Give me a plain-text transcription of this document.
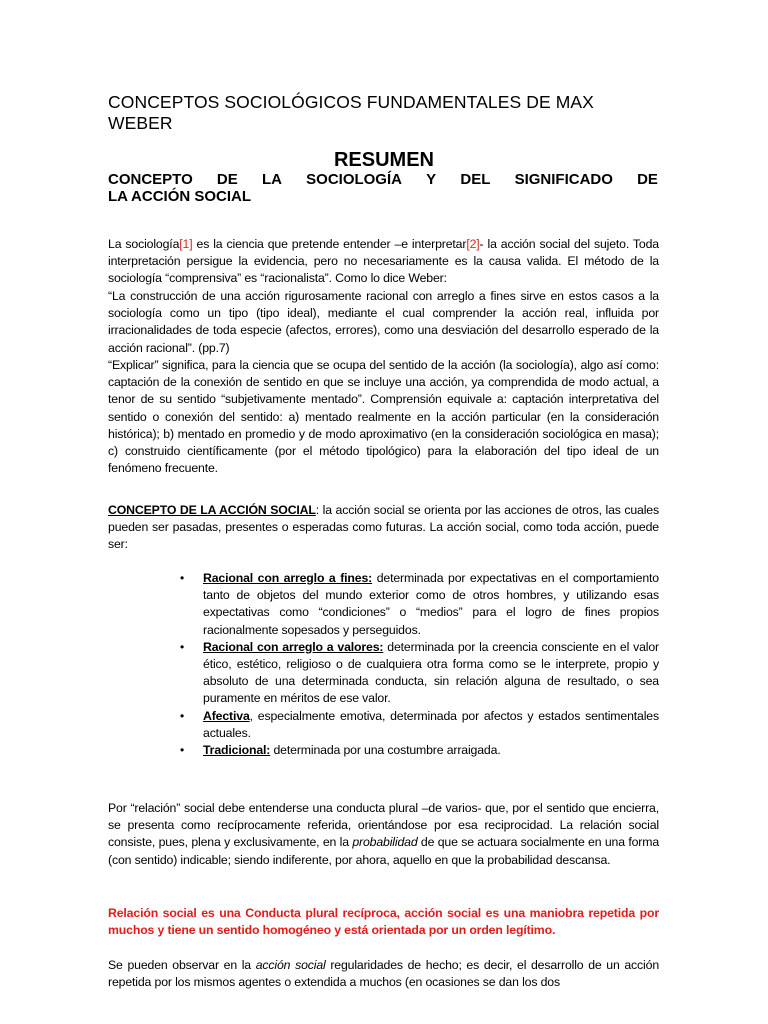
CONCEPTOS SOCIOLÓGICOS FUNDAMENTALES DE MAX WEBER
RESUMEN
CONCEPTO DE LA SOCIOLOGÍA Y DEL SIGNIFICADO DE
LA ACCIÓN SOCIAL
La sociología[1] es la ciencia que pretende entender –e interpretar[2]- la acción social del sujeto. Toda interpretación persigue la evidencia, pero no necesariamente es la causa valida. El método de la sociología “comprensiva” es “racionalista”. Como lo dice Weber:
“La construcción de una acción rigurosamente racional con arreglo a fines sirve en estos casos a la sociología como un tipo (tipo ideal), mediante el cual comprender la acción real, influida por irracionalidades de toda especie (afectos, errores), como una desviación del desarrollo esperado de la acción racional”. (pp.7)
“Explicar” significa, para la ciencia que se ocupa del sentido de la acción (la sociología), algo así como: captación de la conexión de sentido en que se incluye una acción, ya comprendida de modo actual, a tenor de su sentido “subjetivamente mentado”. Comprensión equivale a: captación interpretativa del sentido o conexión del sentido: a) mentado realmente en la acción particular (en la consideración histórica); b) mentado en promedio y de modo aproximativo (en la consideración sociológica en masa); c) construido científicamente (por el método tipológico) para la elaboración del tipo ideal de un fenómeno frecuente.
CONCEPTO DE LA ACCIÓN SOCIAL: la acción social se orienta por las acciones de otros, las cuales pueden ser pasadas, presentes o esperadas como futuras. La acción social, como toda acción, puede ser:
• Racional con arreglo a fines: determinada por expectativas en el comportamiento tanto de objetos del mundo exterior como de otros hombres, y utilizando esas expectativas como “condiciones” o “medios” para el logro de fines propios racionalmente sopesados y perseguidos.
• Racional con arreglo a valores: determinada por la creencia consciente en el valor ético, estético, religioso o de cualquiera otra forma como se le interprete, propio y absoluto de una determinada conducta, sin relación alguna de resultado, o sea puramente en méritos de ese valor.
• Afectiva, especialmente emotiva, determinada por afectos y estados sentimentales actuales.
• Tradicional: determinada por una costumbre arraigada.
Por “relación” social debe entenderse una conducta plural –de varios- que, por el sentido que encierra, se presenta como recíprocamente referida, orientándose por esa reciprocidad. La relación social consiste, pues, plena y exclusivamente, en la probabilidad de que se actuara socialmente en una forma (con sentido) indicable; siendo indiferente, por ahora, aquello en que la probabilidad descansa.
Relación social es una Conducta plural recíproca, acción social es una maniobra repetida por muchos y tiene un sentido homogéneo y está orientada por un orden legítimo.
Se pueden observar en la acción social regularidades de hecho; es decir, el desarrollo de un acción repetida por los mismos agentes o extendida a muchos (en ocasiones se dan los dos
